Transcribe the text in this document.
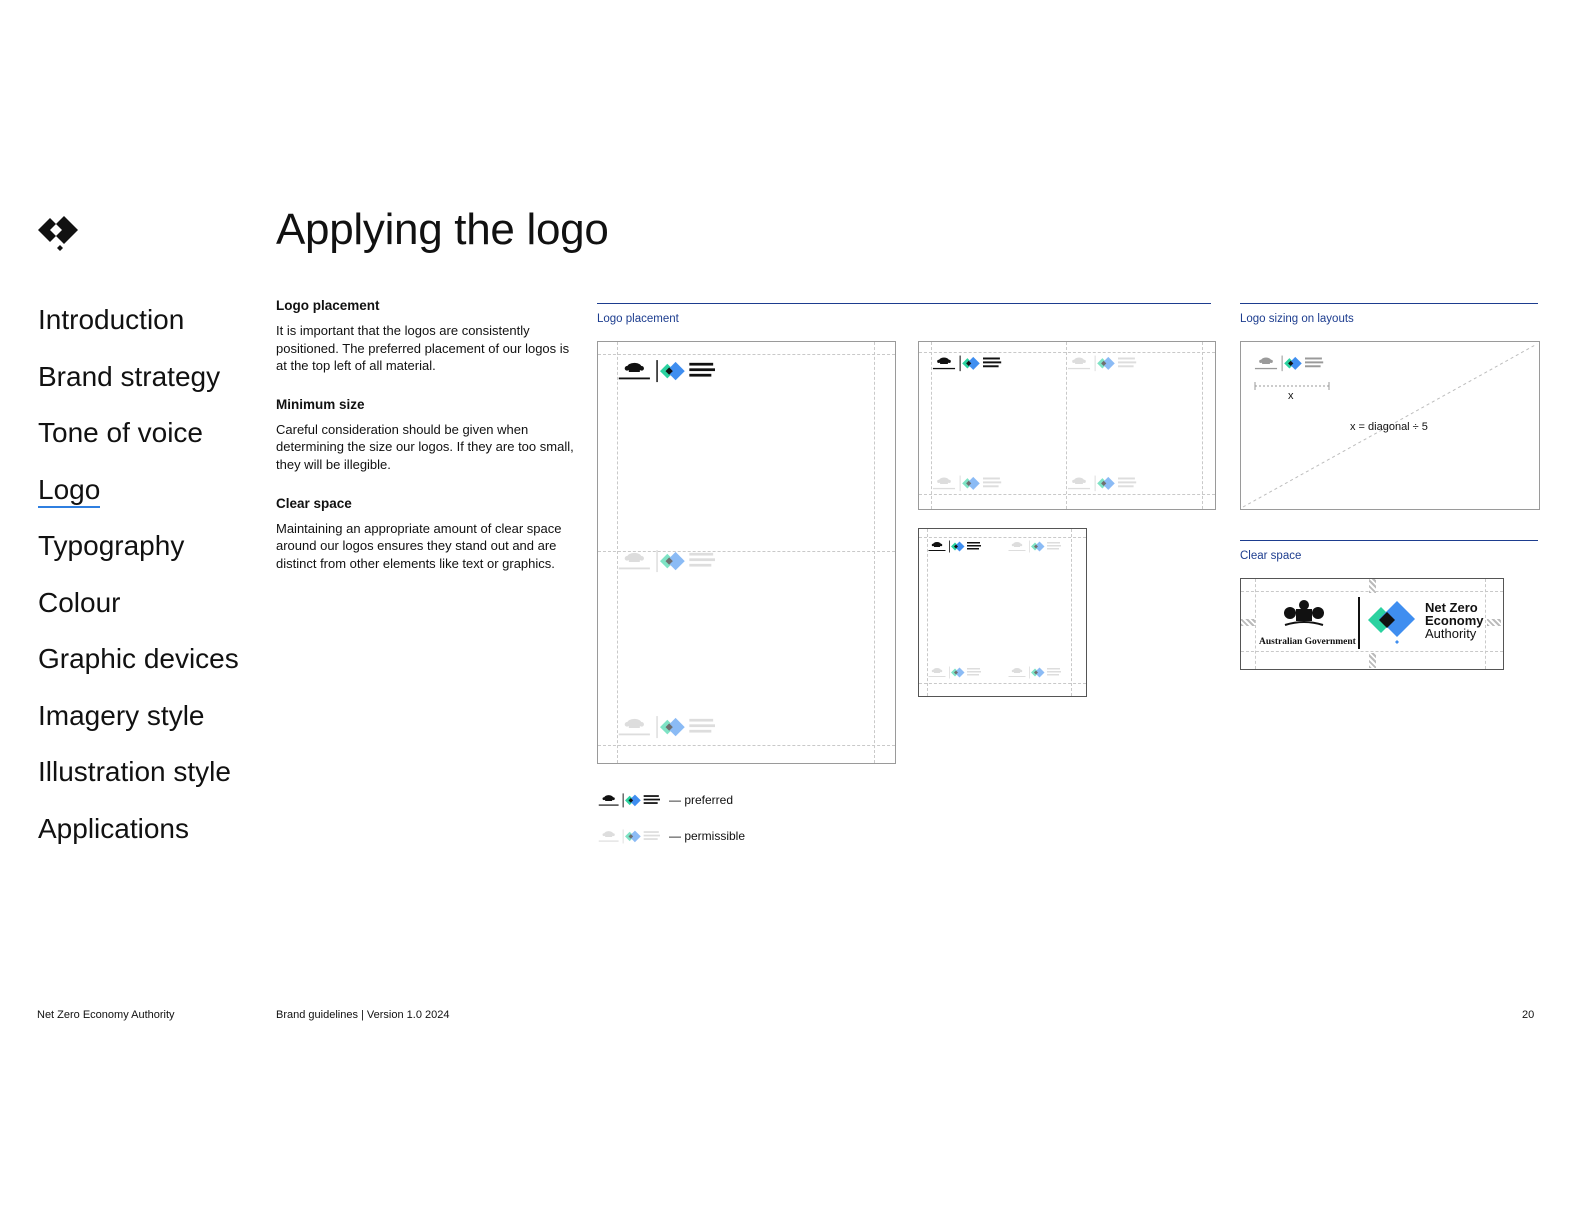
Applying the logo
Introduction
Brand strategy
Tone of voice
Logo
Typography
Colour
Graphic devices
Imagery style
Illustration style
Applications

Logo placement

It is important that the logos are consistently positioned. The preferred placement of our logos is at the top left of all material.

Minimum size

Careful consideration should be given when determining the size our logos. If they are too small, they will be illegible.

Clear space

Maintaining an appropriate amount of clear space around our logos ensures they stand out and are distinct from other elements like text or graphics.

Logo placement
— preferred
— permissible
Logo sizing on layouts
x
x = diagonal ÷ 5
Clear space
Australian Government
Net Zero
Economy
Authority
Net Zero Economy Authority	Brand guidelines | Version 1.0 2024	20
